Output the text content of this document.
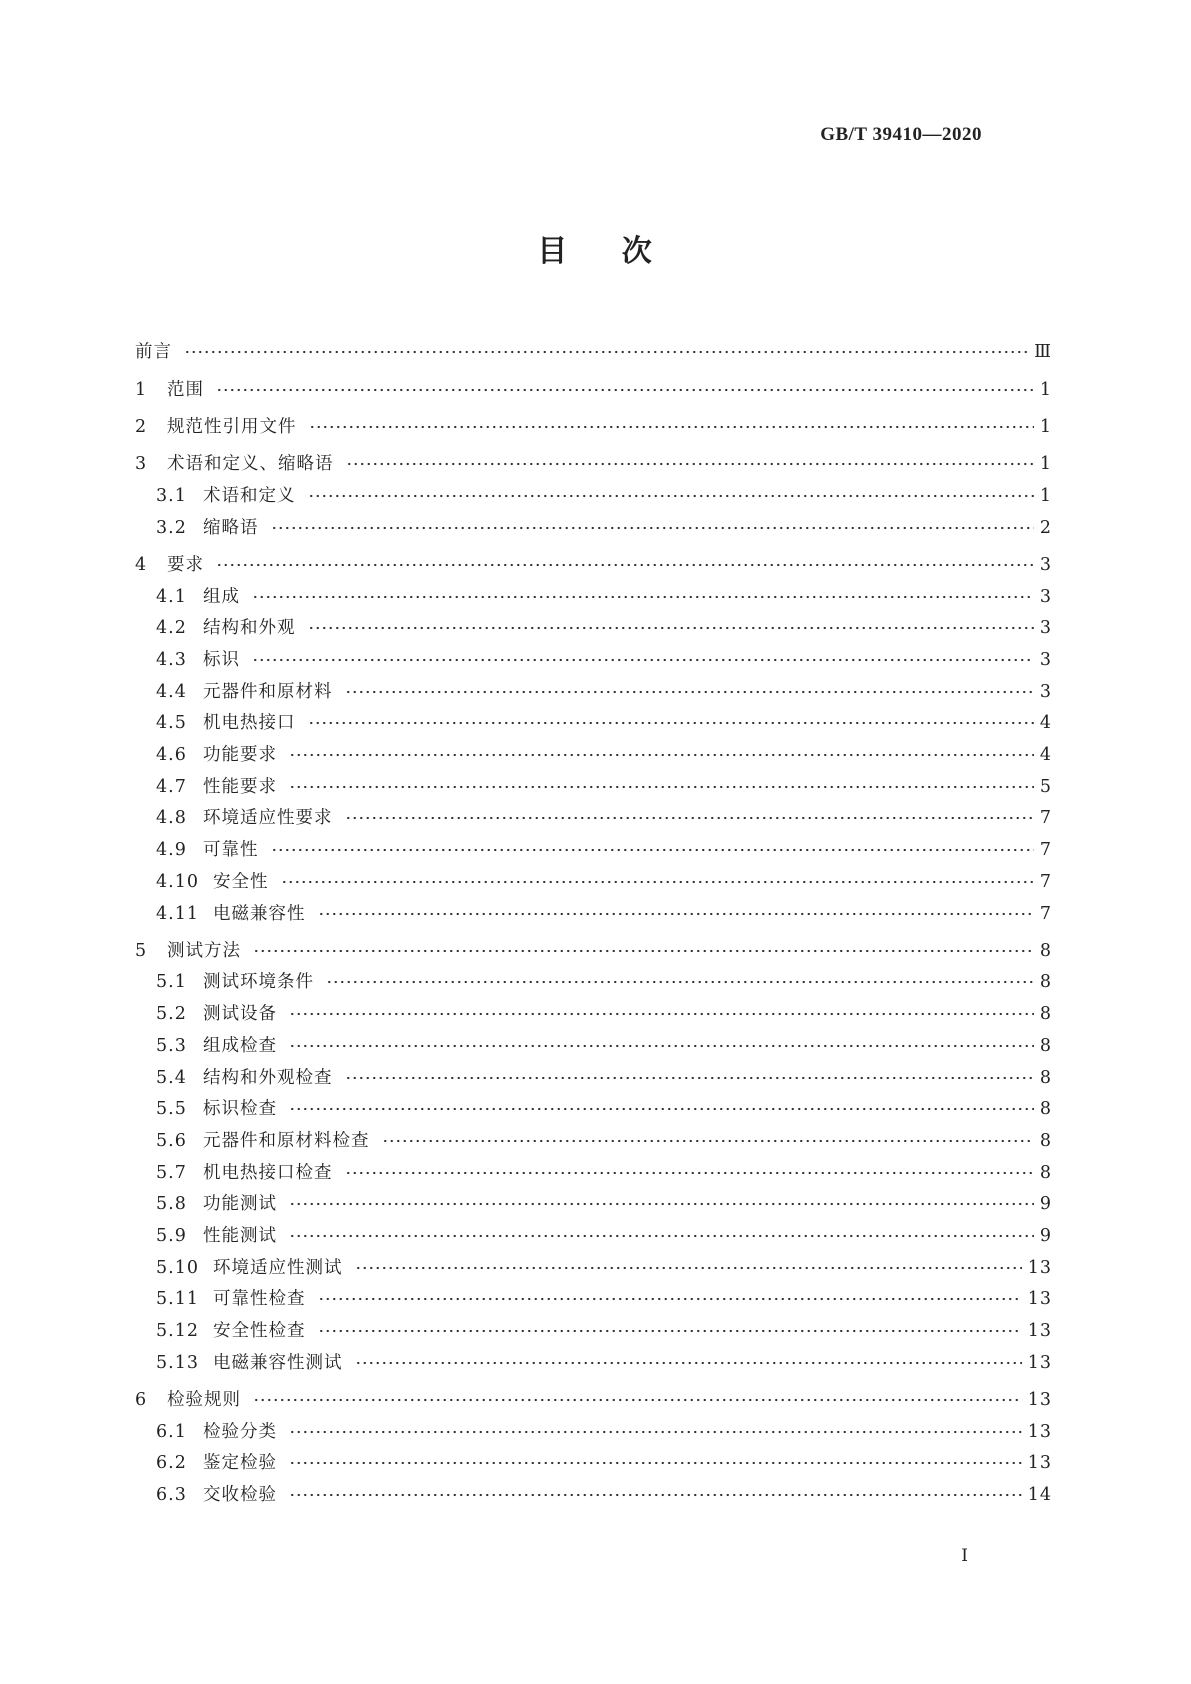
GB/T 39410—2020
目 次
前言	Ⅲ
1	范围	1
2	规范性引用文件	1
3	术语和定义、缩略语	1
3.1 术语和定义	1
3.2 缩略语	2
4	要求	3
4.1 组成	3
4.2 结构和外观	3
4.3 标识	3
4.4 元器件和原材料	3
4.5 机电热接口	4
4.6 功能要求	4
4.7 性能要求	5
4.8 环境适应性要求	7
4.9 可靠性	7
4.10 安全性	7
4.11 电磁兼容性	7
5	测试方法	8
5.1 测试环境条件	8
5.2 测试设备	8
5.3 组成检查	8
5.4 结构和外观检查	8
5.5 标识检查	8
5.6 元器件和原材料检查	8
5.7 机电热接口检查	8
5.8 功能测试	9
5.9 性能测试	9
5.10 环境适应性测试	13
5.11 可靠性检查	13
5.12 安全性检查	13
5.13 电磁兼容性测试	13
6	检验规则	13
6.1 检验分类	13
6.2 鉴定检验	13
6.3 交收检验	14
I
